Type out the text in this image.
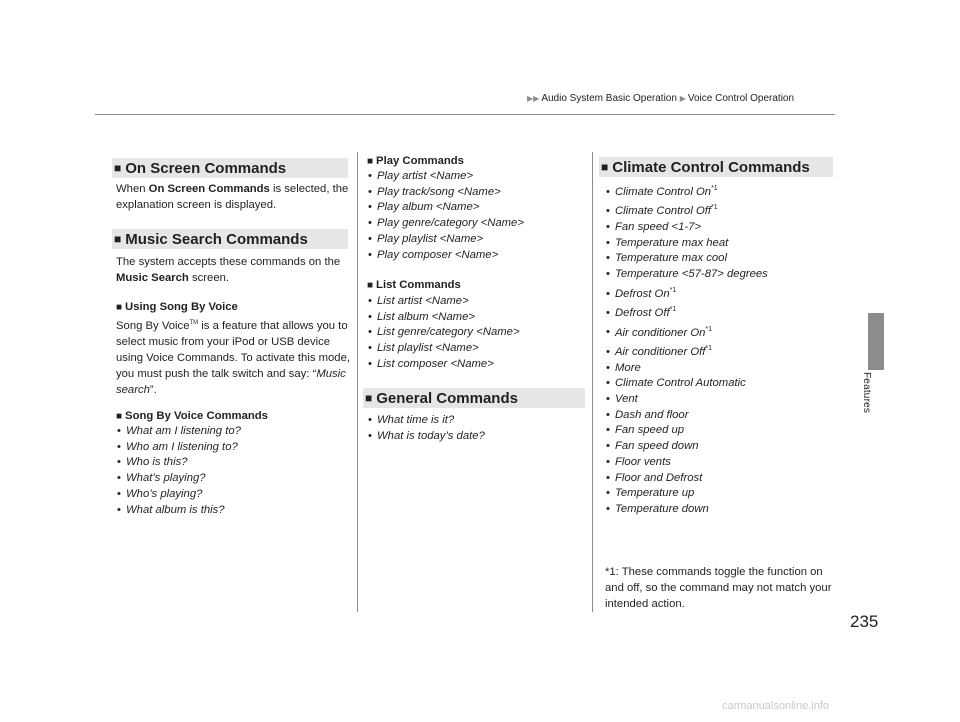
▶▶ Audio System Basic Operation ▶ Voice Control Operation
Features
■ On Screen Commands
When On Screen Commands is selected, the explanation screen is displayed.
■ Music Search Commands
The system accepts these commands on the Music Search screen.
■ Using Song By Voice
Song By Voice™ is a feature that allows you to select music from your iPod or USB device using Voice Commands. To activate this mode, you must push the talk switch and say: “Music search”.
■ Song By Voice Commands
• What am I listening to?
• Who am I listening to?
• Who is this?
• What’s playing?
• Who’s playing?
• What album is this?
■ Play Commands
• Play artist <Name>
• Play track/song <Name>
• Play album <Name>
• Play genre/category <Name>
• Play playlist <Name>
• Play composer <Name>
■ List Commands
• List artist <Name>
• List album <Name>
• List genre/category <Name>
• List playlist <Name>
• List composer <Name>
■ General Commands
• What time is it?
• What is today’s date?
■ Climate Control Commands
• Climate Control On$^{*1}$
• Climate Control Off$^{*1}$
• Fan speed <1-7>
• Temperature max heat
• Temperature max cool
• Temperature <57-87> degrees
• Defrost On$^{*1}$
• Defrost Off$^{*1}$
• Air conditioner On$^{*1}$
• Air conditioner Off$^{*1}$
• More
• Climate Control Automatic
• Vent
• Dash and floor
• Fan speed up
• Fan speed down
• Floor vents
• Floor and Defrost
• Temperature up
• Temperature down
*1: These commands toggle the function on and off, so the command may not match your intended action.
235
carmanualsonline.info
